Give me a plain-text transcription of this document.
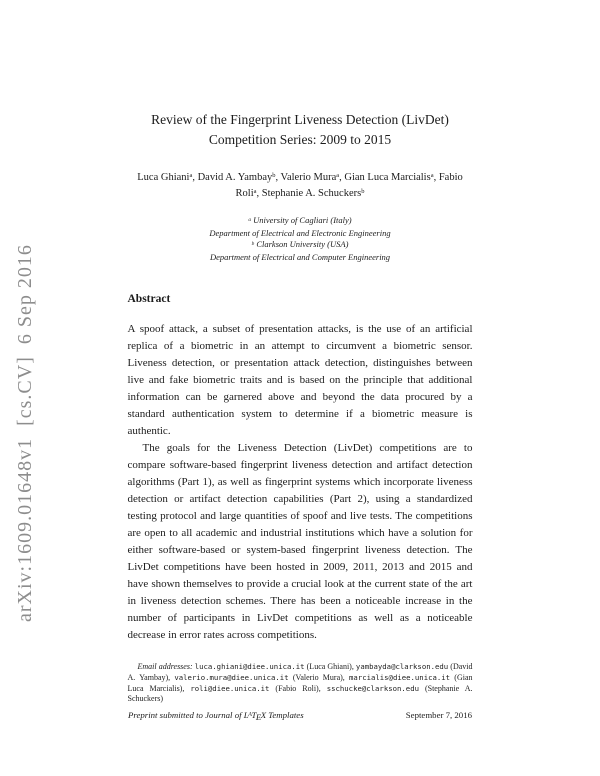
arXiv:1609.01648v1  [cs.CV]  6 Sep 2016
Review of the Fingerprint Liveness Detection (LivDet)
Competition Series: 2009 to 2015
Luca Ghiani$^a$, David A. Yambay$^b$, Valerio Mura$^a$, Gian Luca Marcialis$^a$, Fabio
Roli$^a$, Stephanie A. Schuckers$^b$
$^a$ University of Cagliari (Italy)
Department of Electrical and Electronic Engineering
$^b$ Clarkson University (USA)
Department of Electrical and Computer Engineering
Abstract

A spoof attack, a subset of presentation attacks, is the use of an artificial replica of a biometric in an attempt to circumvent a biometric sensor. Liveness detection, or presentation attack detection, distinguishes between live and fake biometric traits and is based on the principle that additional information can be garnered above and beyond the data procured by a standard authentication system to determine if a biometric measure is authentic.

The goals for the Liveness Detection (LivDet) competitions are to compare software-based fingerprint liveness detection and artifact detection algorithms (Part 1), as well as fingerprint systems which incorporate liveness detection or artifact detection capabilities (Part 2), using a standardized testing protocol and large quantities of spoof and live tests. The competitions are open to all academic and industrial institutions which have a solution for either software-based or system-based fingerprint liveness detection. The LivDet competitions have been hosted in 2009, 2011, 2013 and 2015 and have shown themselves to provide a crucial look at the current state of the art in liveness detection schemes. There has been a noticeable increase in the number of participants in LivDet competitions as well as a noticeable decrease in error rates across competitions.

Email addresses: luca.ghiani@diee.unica.it (Luca Ghiani), yambayda@clarkson.edu (David A. Yambay), valerio.mura@diee.unica.it (Valerio Mura), marcialis@diee.unica.it (Gian Luca Marcialis), roli@diee.unica.it (Fabio Roli), sschucke@clarkson.edu (Stephanie A. Schuckers)
Preprint submitted to Journal of $L^ATEX$ Templates	September 7, 2016
